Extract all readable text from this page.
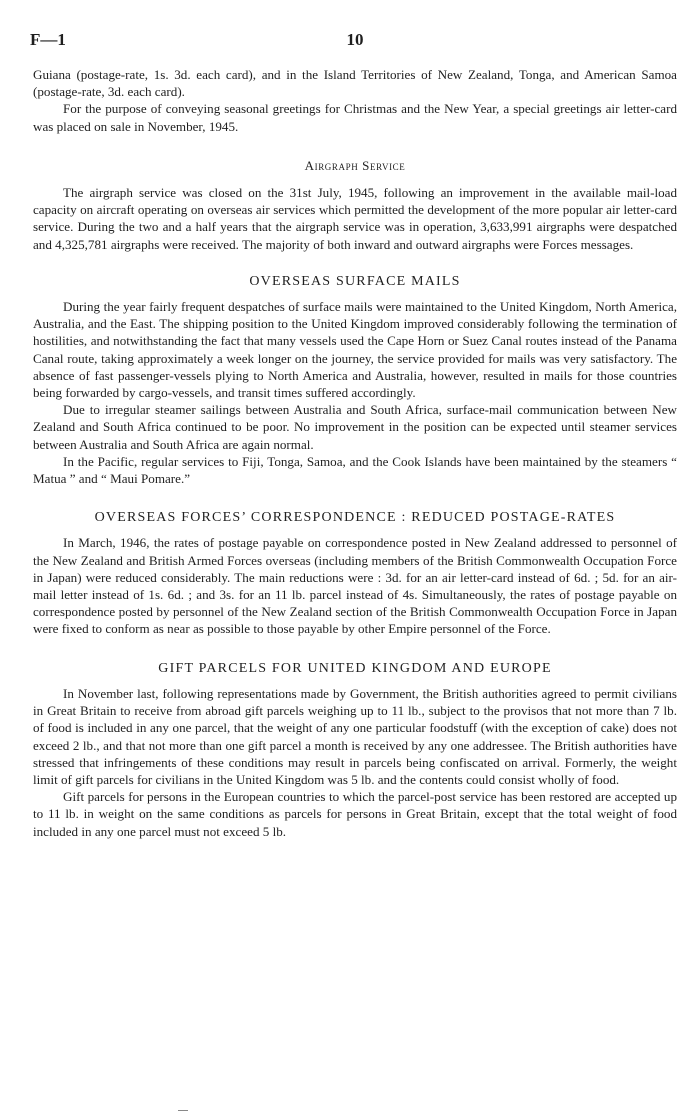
F—1	10

Guiana (postage-rate, 1s. 3d. each card), and in the Island Territories of New Zealand, Tonga, and American Samoa (postage-rate, 3d. each card).

For the purpose of conveying seasonal greetings for Christmas and the New Year, a special greetings air letter-card was placed on sale in November, 1945.

Airgraph Service

The airgraph service was closed on the 31st July, 1945, following an improvement in the available mail-load capacity on aircraft operating on overseas air services which permitted the development of the more popular air letter-card service. During the two and a half years that the airgraph service was in operation, 3,633,991 airgraphs were despatched and 4,325,781 airgraphs were received. The majority of both inward and outward airgraphs were Forces messages.

OVERSEAS SURFACE MAILS

During the year fairly frequent despatches of surface mails were maintained to the United Kingdom, North America, Australia, and the East. The shipping position to the United Kingdom improved considerably following the termination of hostilities, and notwithstanding the fact that many vessels used the Cape Horn or Suez Canal routes instead of the Panama Canal route, taking approximately a week longer on the journey, the service provided for mails was very satisfactory. The absence of fast passenger-vessels plying to North America and Australia, however, resulted in mails for those countries being forwarded by cargo-vessels, and transit times suffered accordingly.

Due to irregular steamer sailings between Australia and South Africa, surface-mail communication between New Zealand and South Africa continued to be poor. No improvement in the position can be expected until steamer services between Australia and South Africa are again normal.

In the Pacific, regular services to Fiji, Tonga, Samoa, and the Cook Islands have been maintained by the steamers “ Matua ” and “ Maui Pomare.”

OVERSEAS FORCES’ CORRESPONDENCE : REDUCED POSTAGE-RATES

In March, 1946, the rates of postage payable on correspondence posted in New Zealand addressed to personnel of the New Zealand and British Armed Forces overseas (including members of the British Commonwealth Occupation Force in Japan) were reduced considerably. The main reductions were : 3d. for an air letter-card instead of 6d. ; 5d. for an air-mail letter instead of 1s. 6d. ; and 3s. for an 11 lb. parcel instead of 4s. Simultaneously, the rates of postage payable on correspondence posted by personnel of the New Zealand section of the British Commonwealth Occupation Force in Japan were fixed to conform as near as possible to those payable by other Empire personnel of the Force.

GIFT PARCELS FOR UNITED KINGDOM AND EUROPE

In November last, following representations made by Government, the British authorities agreed to permit civilians in Great Britain to receive from abroad gift parcels weighing up to 11 lb., subject to the provisos that not more than 7 lb. of food is included in any one parcel, that the weight of any one particular foodstuff (with the exception of cake) does not exceed 2 lb., and that not more than one gift parcel a month is received by any one addressee. The British authorities have stressed that infringements of these conditions may result in parcels being confiscated on arrival. Formerly, the weight limit of gift parcels for civilians in the United Kingdom was 5 lb. and the contents could consist wholly of food.

Gift parcels for persons in the European countries to which the parcel-post service has been restored are accepted up to 11 lb. in weight on the same conditions as parcels for persons in Great Britain, except that the total weight of food included in any one parcel must not exceed 5 lb.
